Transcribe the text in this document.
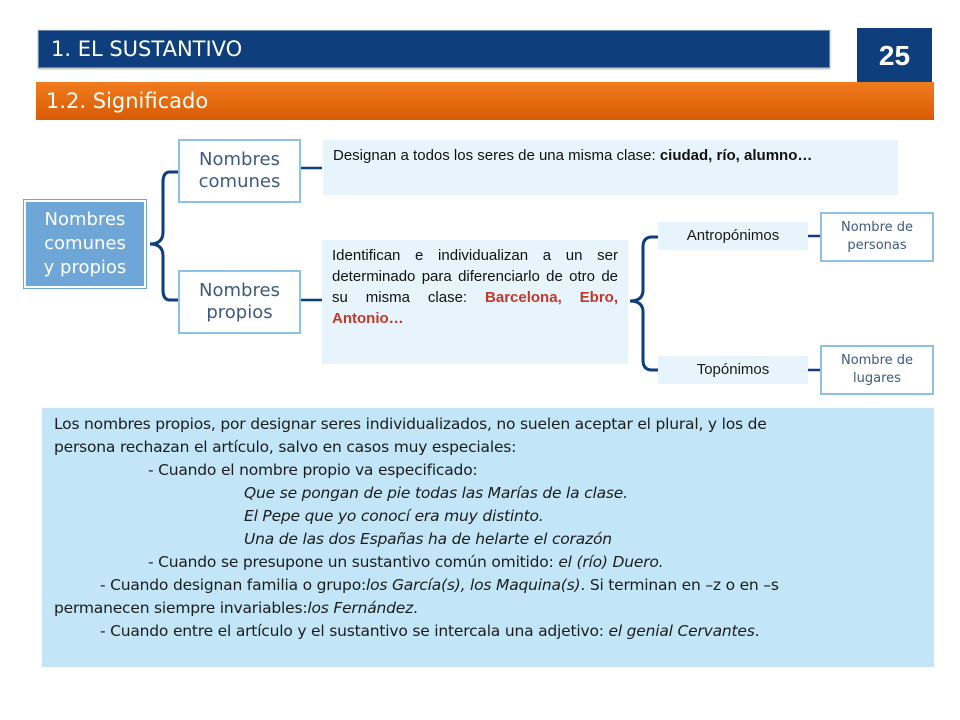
1. EL SUSTANTIVO	25
1.2. Significado
Nombres
comunes
y propios
Nombres
comunes
Designan a todos los seres de una misma clase: ciudad, río, alumno…
Nombres
propios
Identifican e individualizan a un ser determinado para diferenciarlo de otro de su misma clase: Barcelona, Ebro, Antonio…
Antropónimos	Nombre de
personas
Topónimos
Nombre de
lugares

Los nombres propios, por designar seres individualizados, no suelen aceptar el plural, y los de

persona rechazan el artículo, salvo en casos muy especiales:

- Cuando el nombre propio va especificado:

Que se pongan de pie todas las Marías de la clase.

El Pepe que yo conocí era muy distinto.

Una de las dos Españas ha de helarte el corazón

- Cuando se presupone un sustantivo común omitido: el (río) Duero.

- Cuando designan familia o grupo:los García(s), los Maquina(s). Si terminan en –z o en –s

permanecen siempre invariables:los Fernández.

- Cuando entre el artículo y el sustantivo se intercala una adjetivo: el genial Cervantes.
